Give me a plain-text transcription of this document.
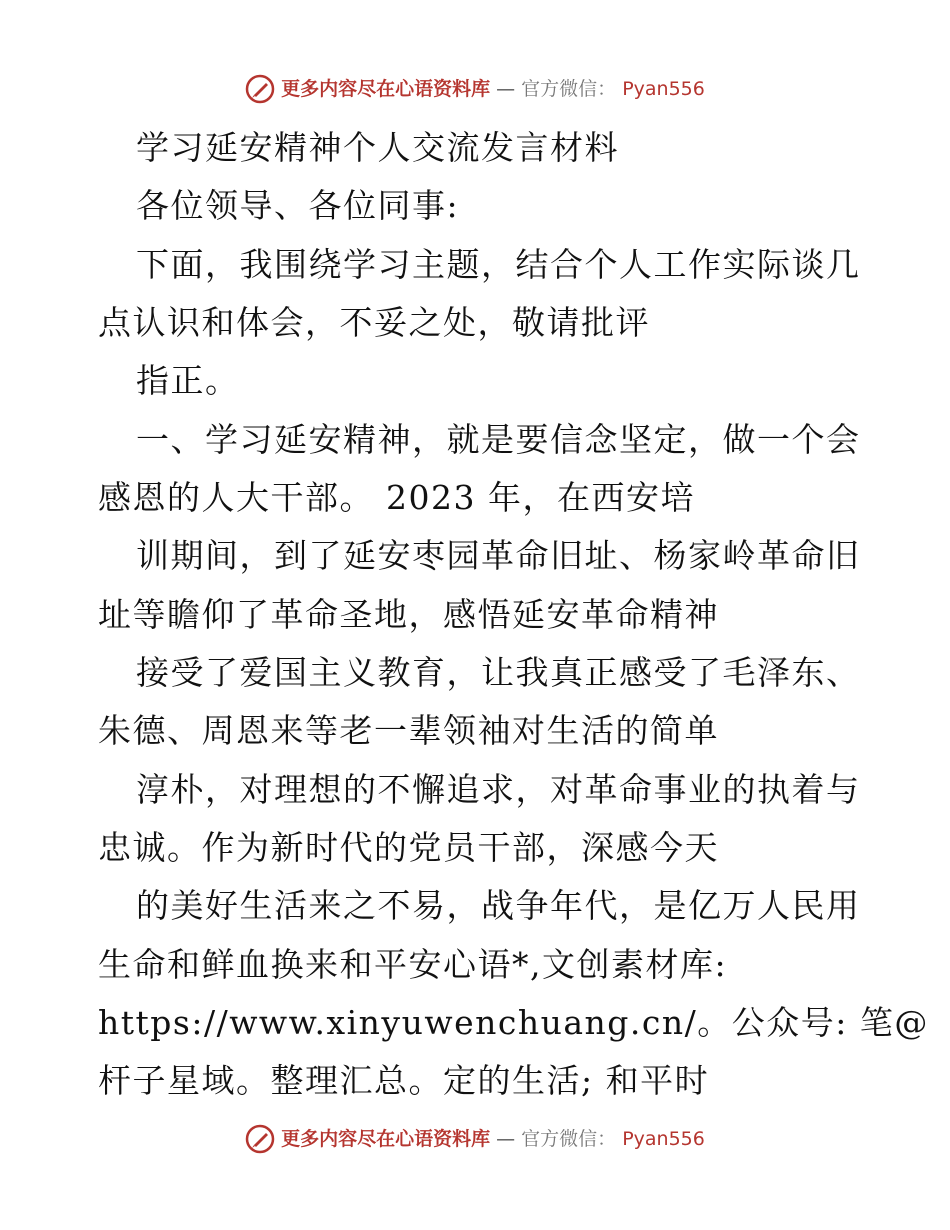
更多内容尽在心语资料库 — 官方微信： Pyan556
学习延安精神个人交流发言材料
各位领导、各位同事:
下面，我围绕学习主题，结合个人工作实际谈几
点认识和体会，不妥之处，敬请批评
指正。
一、学习延安精神，就是要信念坚定，做一个会
感恩的人大干部。 2023 年，在西安培
训期间，到了延安枣园革命旧址、杨家岭革命旧
址等瞻仰了革命圣地，感悟延安革命精神
接受了爱国主义教育，让我真正感受了毛泽东、
朱德、周恩来等老一辈领袖对生活的简单
淳朴，对理想的不懈追求，对革命事业的执着与
忠诚。作为新时代的党员干部，深感今天
的美好生活来之不易，战争年代，是亿万人民用
生命和鲜血换来和平安心语*,文创素材库:
https://www.xinyuwenchuang.cn/。公众号: 笔@
杆子星域。整理汇总。定的生活; 和平时
更多内容尽在心语资料库 — 官方微信： Pyan556
